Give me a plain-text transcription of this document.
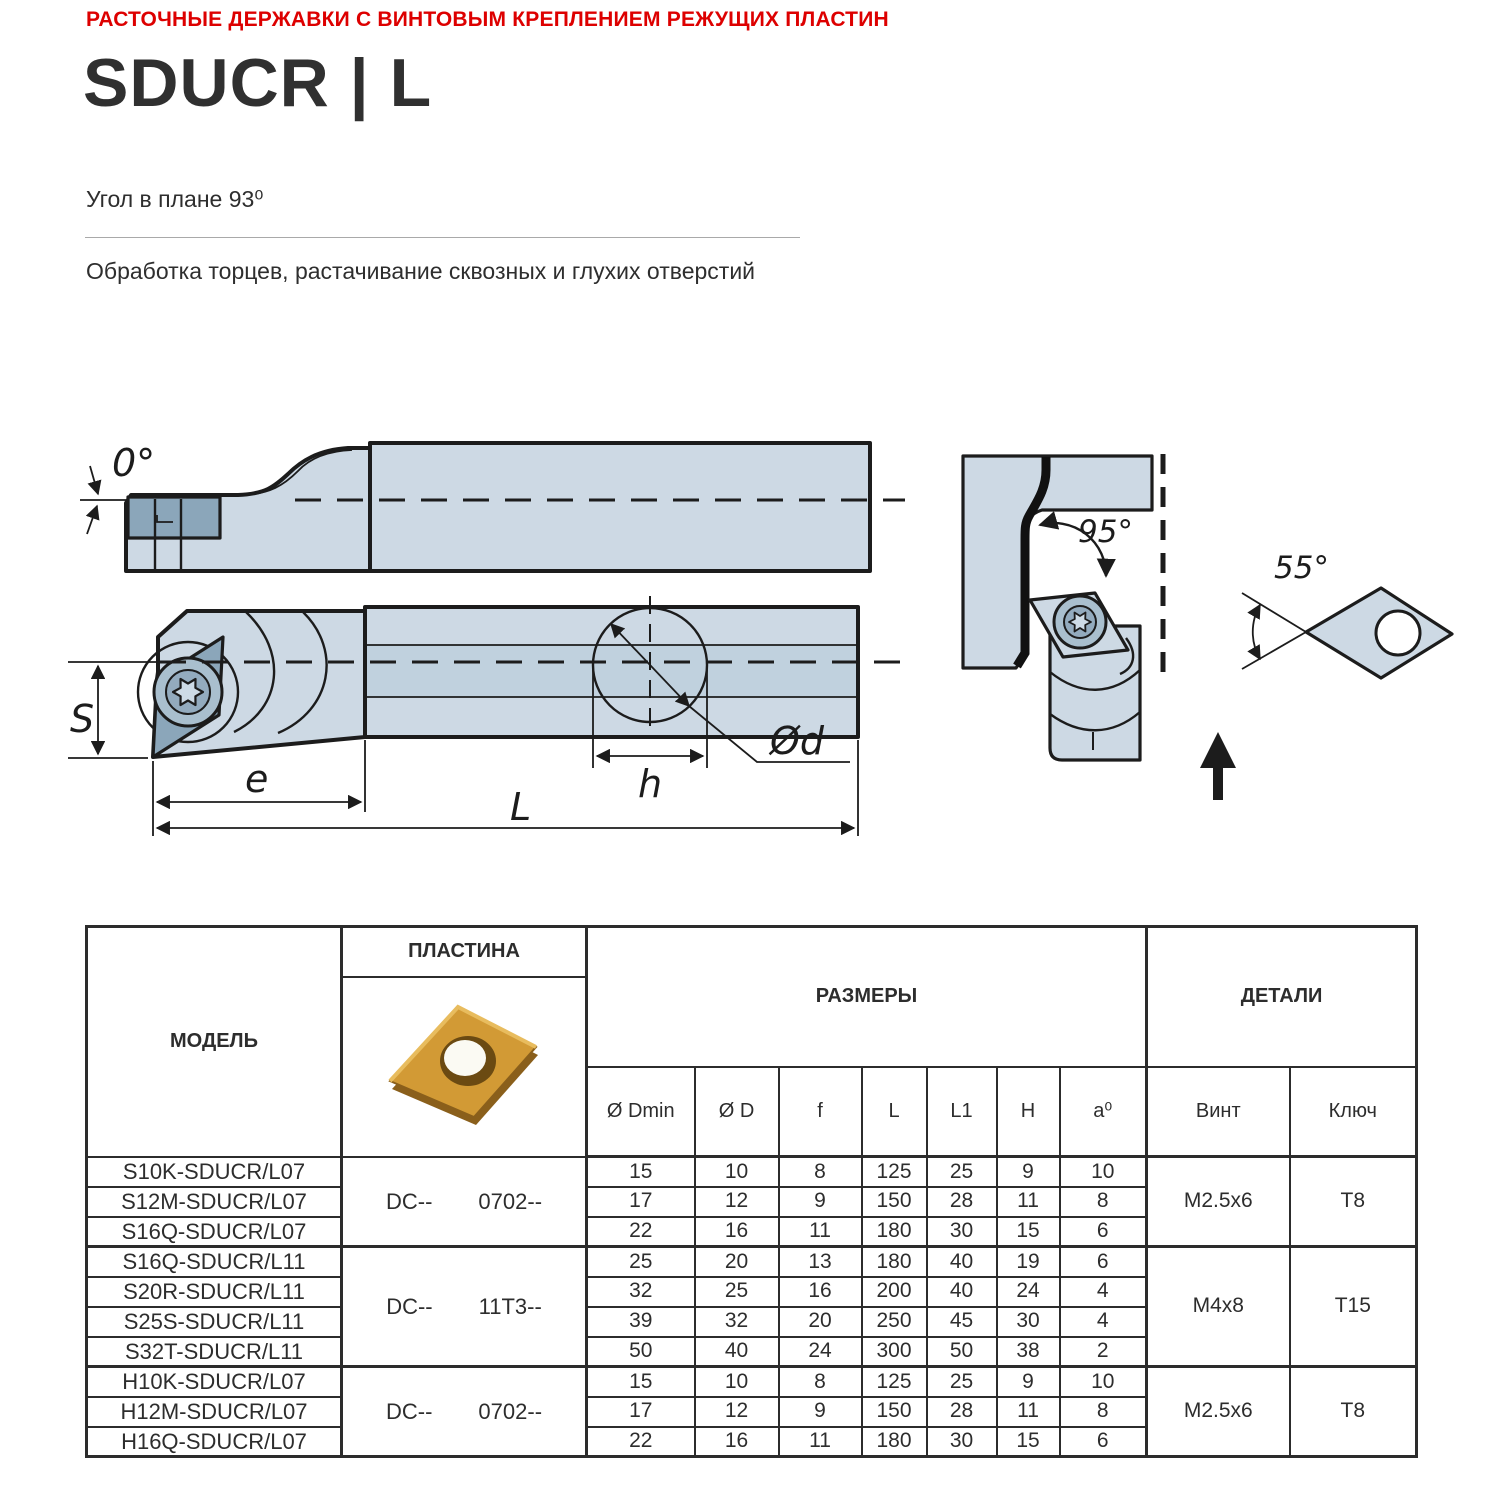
РАСТОЧНЫЕ ДЕРЖАВКИ С ВИНТОВЫМ КРЕПЛЕНИЕМ РЕЖУЩИХ ПЛАСТИН
SDUCR | L
Угол в плане 93⁰
Обработка торцев, растачивание сквозных и глухих отверстий
0°
S
e
L
h
Ød
95°
55°
МОДЕЛЬ	ПЛАСТИНА	РАЗМЕРЫ							ДЕТАЛИ	

		Ø Dmin	Ø D	f	L	L1	H	a⁰	Винт	Ключ
S10K-SDUCR/L07	DC-- 0702--	15	10	8	125	25	9	10	M2.5x6	T8
S12M-SDUCR/L07		17	12	9	150	28	11	8		
S16Q-SDUCR/L07		22	16	11	180	30	15	6		
S16Q-SDUCR/L11	DC-- 11T3--	25	20	13	180	40	19	6	M4x8	T15
S20R-SDUCR/L11		32	25	16	200	40	24	4		
S25S-SDUCR/L11		39	32	20	250	45	30	4		
S32T-SDUCR/L11		50	40	24	300	50	38	2		
H10K-SDUCR/L07	DC-- 0702--	15	10	8	125	25	9	10	M2.5x6	T8
H12M-SDUCR/L07		17	12	9	150	28	11	8		
H16Q-SDUCR/L07		22	16	11	180	30	15	6		
